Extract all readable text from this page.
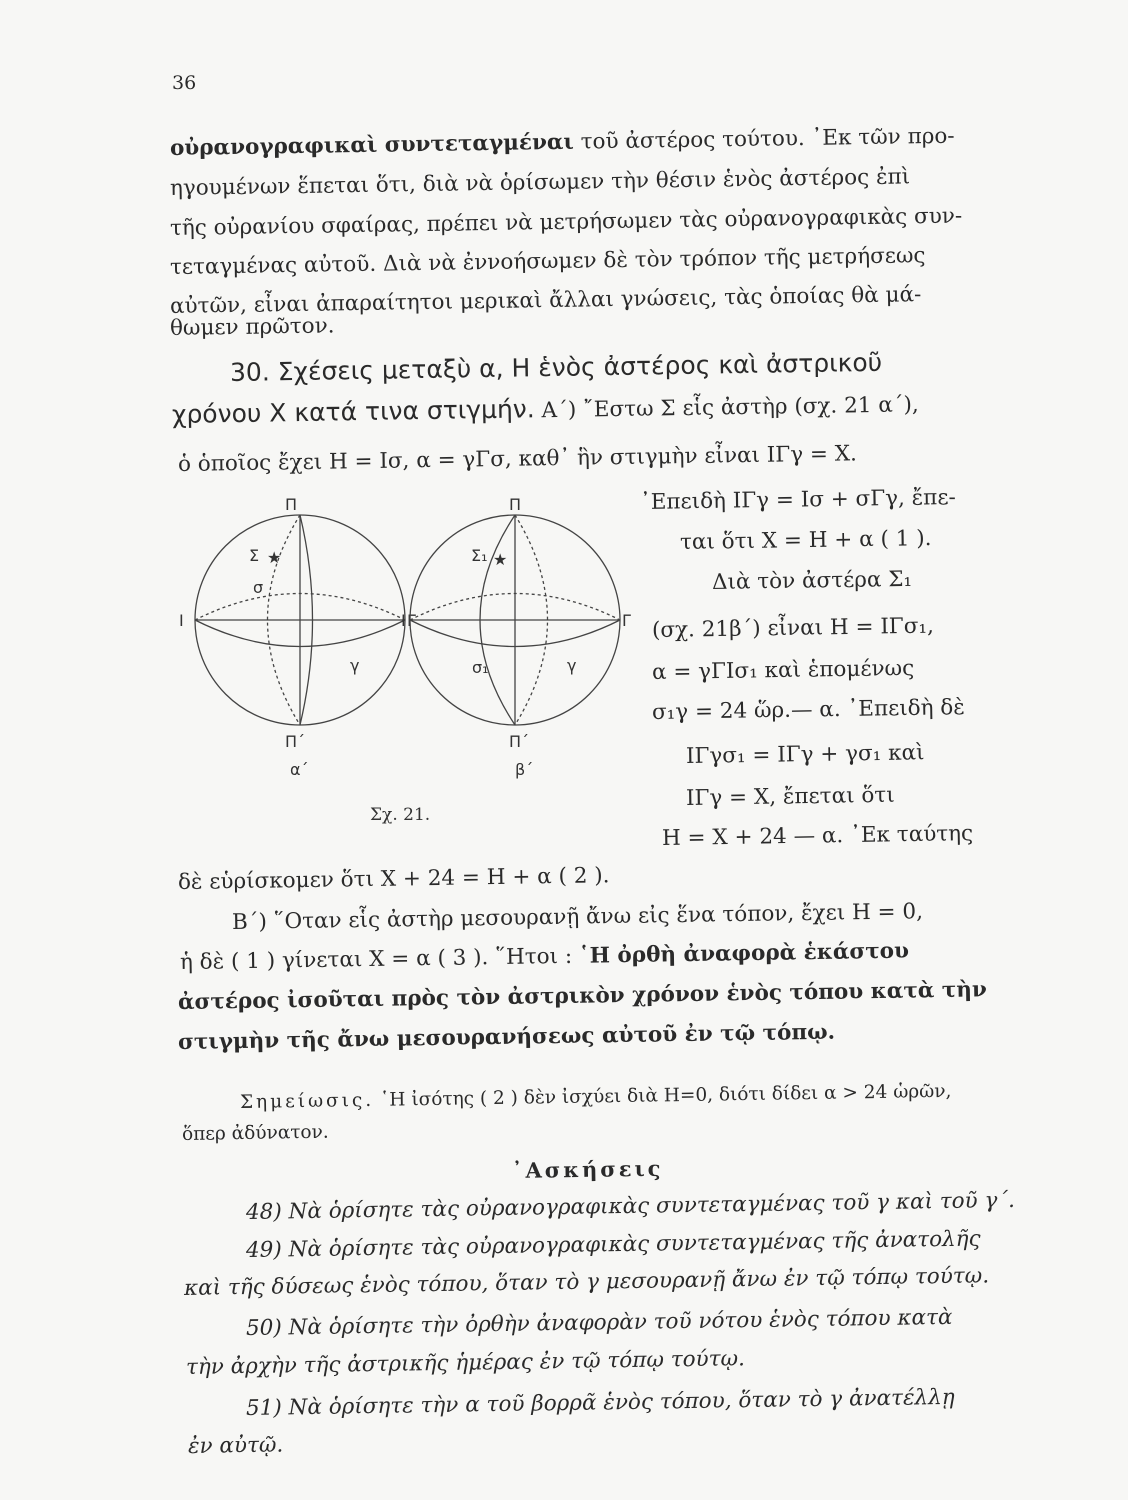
36
οὐρανογραφικαὶ συντεταγμέναι τοῦ ἀστέρος τούτου. ᾿Εκ τῶν προ-
ηγουμένων ἕπεται ὅτι, διὰ νὰ ὁρίσωμεν τὴν θέσιν ἑνὸς ἀστέρος ἐπὶ
τῆς οὐρανίου σφαίρας, πρέπει νὰ μετρήσωμεν τὰς οὐρανογραφικὰς συν-
τεταγμένας αὐτοῦ. Διὰ νὰ ἐννοήσωμεν δὲ τὸν τρόπον τῆς μετρήσεως
αὐτῶν, εἶναι ἀπαραίτητοι μερικαὶ ἄλλαι γνώσεις, τὰς ὁποίας θὰ μά-
θωμεν πρῶτον.
30. Σχέσεις μεταξὺ α, Η ἑνὸς ἀστέρος καὶ ἀστρικοῦ
χρόνου Χ κατά τινα στιγμήν. Α΄) ῎Εστω Σ εἷς ἀστὴρ (σχ. 21 α΄),
ὁ ὁποῖος ἔχει Η = Ισ, α = γΓσ, καθ᾿ ἣν στιγμὴν εἶναι ΙΓγ = Χ.
᾿Επειδὴ ΙΓγ = Ισ + σΓγ, ἔπε-
ται ὅτι Χ = Η + α ( 1 ).
Διὰ τὸν ἀστέρα Σ₁
(σχ. 21β΄) εἶναι Η = ΙΓσ₁,
α = γΓΙσ₁ καὶ ἑπομένως
σ₁γ = 24 ὥρ.— α. ᾿Επειδὴ δὲ
ΙΓγσ₁ = ΙΓγ + γσ₁ καὶ
ΙΓγ = Χ, ἔπεται ὅτι
Η = Χ + 24 — α. ᾿Εκ ταύτης
Π
Π΄
Ι	Γ
Σ ★
σ
γ
Π
Π΄
Ι	Γ
Σ₁ ★
σ₁	γ
α΄	β΄
Σχ. 21.
δὲ εὑρίσκομεν ὅτι Χ + 24 = Η + α ( 2 ).
Β΄) ῞Οταν εἷς ἀστὴρ μεσουρανῇ ἄνω εἰς ἕνα τόπον, ἔχει Η = 0,
ἡ δὲ ( 1 ) γίνεται Χ = α ( 3 ). ῞Ητοι : ῾Η ὀρθὴ ἀναφορὰ ἑκάστου
ἀστέρος ἰσοῦται πρὸς τὸν ἀστρικὸν χρόνον ἑνὸς τόπου κατὰ τὴν
στιγμὴν τῆς ἄνω μεσουρανήσεως αὐτοῦ ἐν τῷ τόπῳ.
Σημείωσις. ῾Η ἰσότης ( 2 ) δὲν ἰσχύει διὰ Η=0, διότι δίδει α > 24 ὡρῶν,
ὅπερ ἀδύνατον.
᾿Ασκήσεις
48) Νὰ ὁρίσητε τὰς οὐρανογραφικὰς συντεταγμένας τοῦ γ καὶ τοῦ γ΄.
49) Νὰ ὁρίσητε τὰς οὐρανογραφικὰς συντεταγμένας τῆς ἀνατολῆς
καὶ τῆς δύσεως ἑνὸς τόπου, ὅταν τὸ γ μεσουρανῇ ἄνω ἐν τῷ τόπῳ τούτῳ.
50) Νὰ ὁρίσητε τὴν ὀρθὴν ἀναφορὰν τοῦ νότου ἑνὸς τόπου κατὰ
τὴν ἀρχὴν τῆς ἀστρικῆς ἡμέρας ἐν τῷ τόπῳ τούτῳ.
51) Νὰ ὁρίσητε τὴν α τοῦ βορρᾶ ἑνὸς τόπου, ὅταν τὸ γ ἀνατέλλῃ
ἐν αὐτῷ.
